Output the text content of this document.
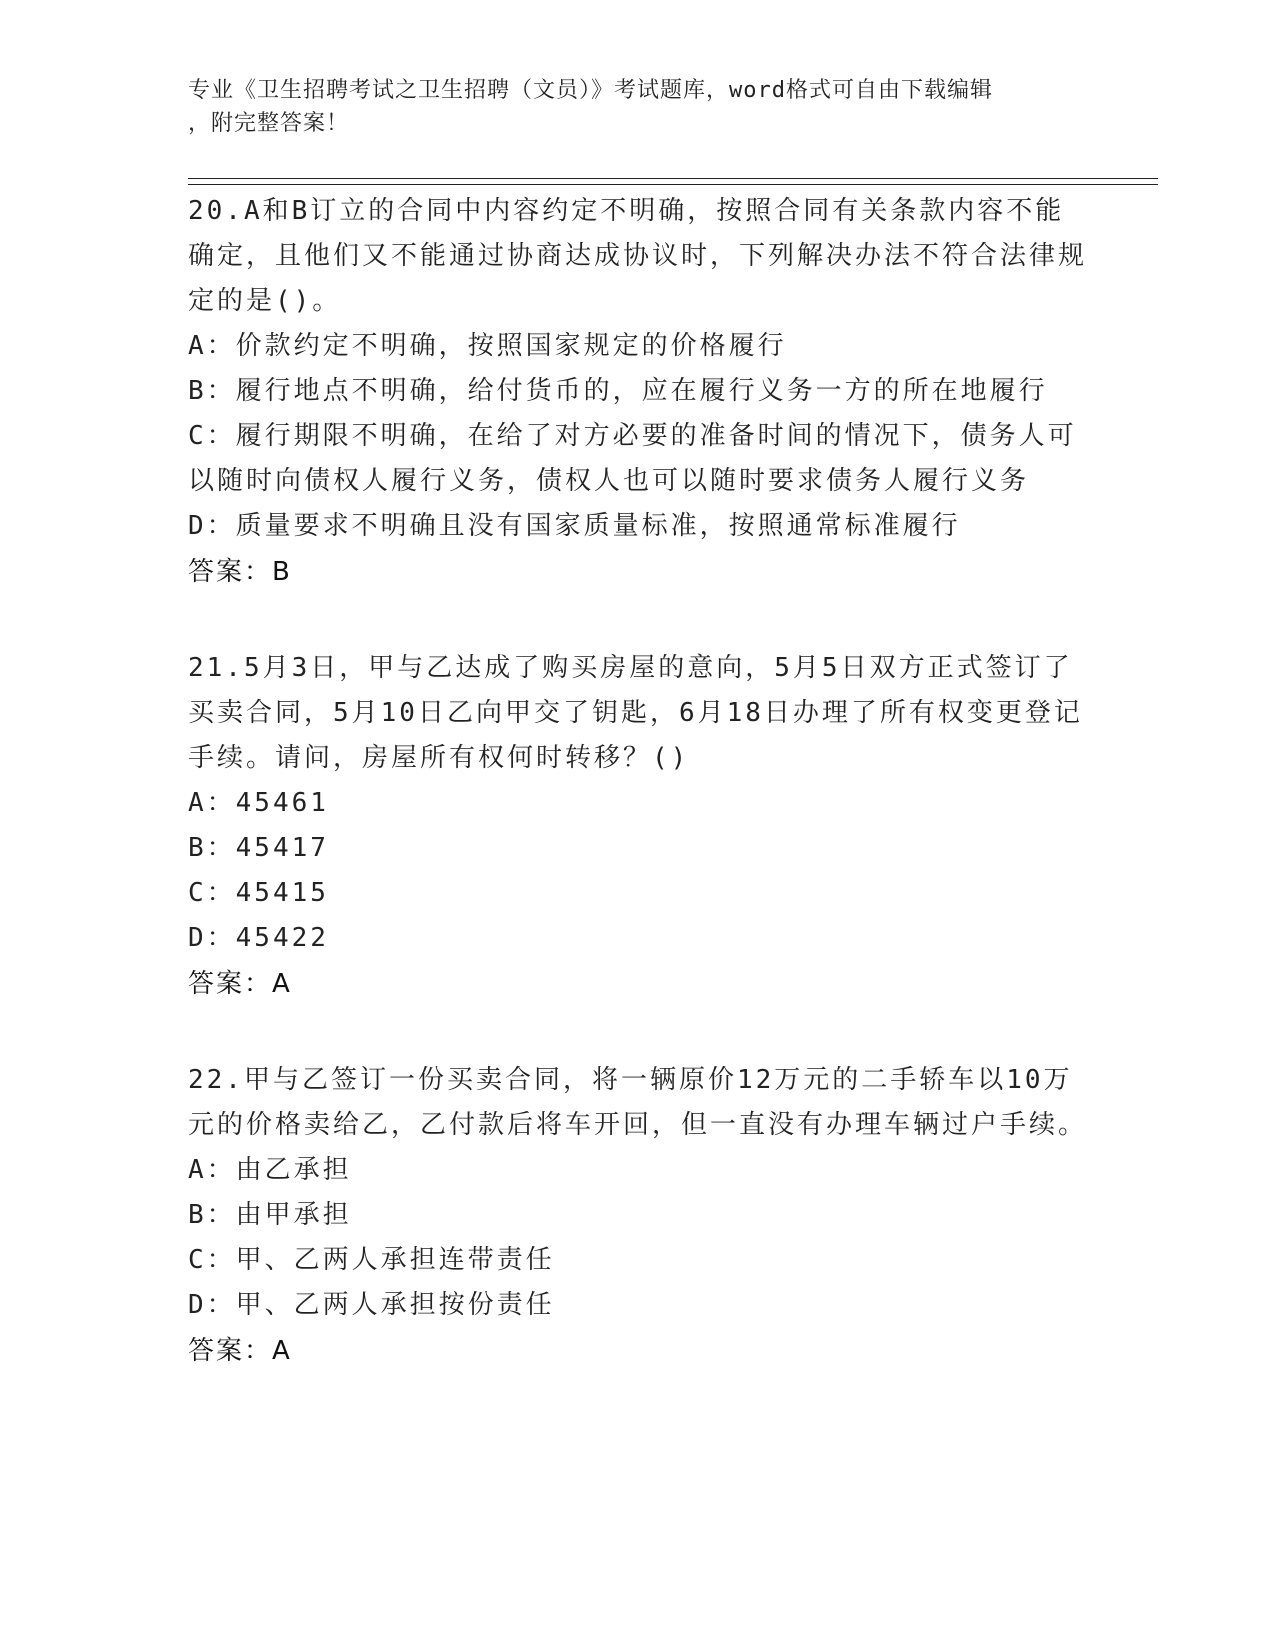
专业《卫生招聘考试之卫生招聘（文员）》考试题库，word格式可自由下载编辑
，附完整答案！
20.A和B订立的合同中内容约定不明确，按照合同有关条款内容不能确定，且他们又不能通过协商达成协议时，下列解决办法不符合法律规定的是()。
A：价款约定不明确，按照国家规定的价格履行
B：履行地点不明确，给付货币的，应在履行义务一方的所在地履行
C：履行期限不明确，在给了对方必要的准备时间的情况下，债务人可以随时向债权人履行义务，债权人也可以随时要求债务人履行义务
D：质量要求不明确且没有国家质量标准，按照通常标准履行
答案：B
21.5月3日，甲与乙达成了购买房屋的意向，5月5日双方正式签订了买卖合同，5月10日乙向甲交了钥匙，6月18日办理了所有权变更登记手续。请问，房屋所有权何时转移？()
A：45461
B：45417
C：45415
D：45422
答案：A
22.甲与乙签订一份买卖合同，将一辆原价12万元的二手轿车以10万元的价格卖给乙，乙付款后将车开回，但一直没有办理车辆过户手续。
A：由乙承担
B：由甲承担
C：甲、乙两人承担连带责任
D：甲、乙两人承担按份责任
答案：A
